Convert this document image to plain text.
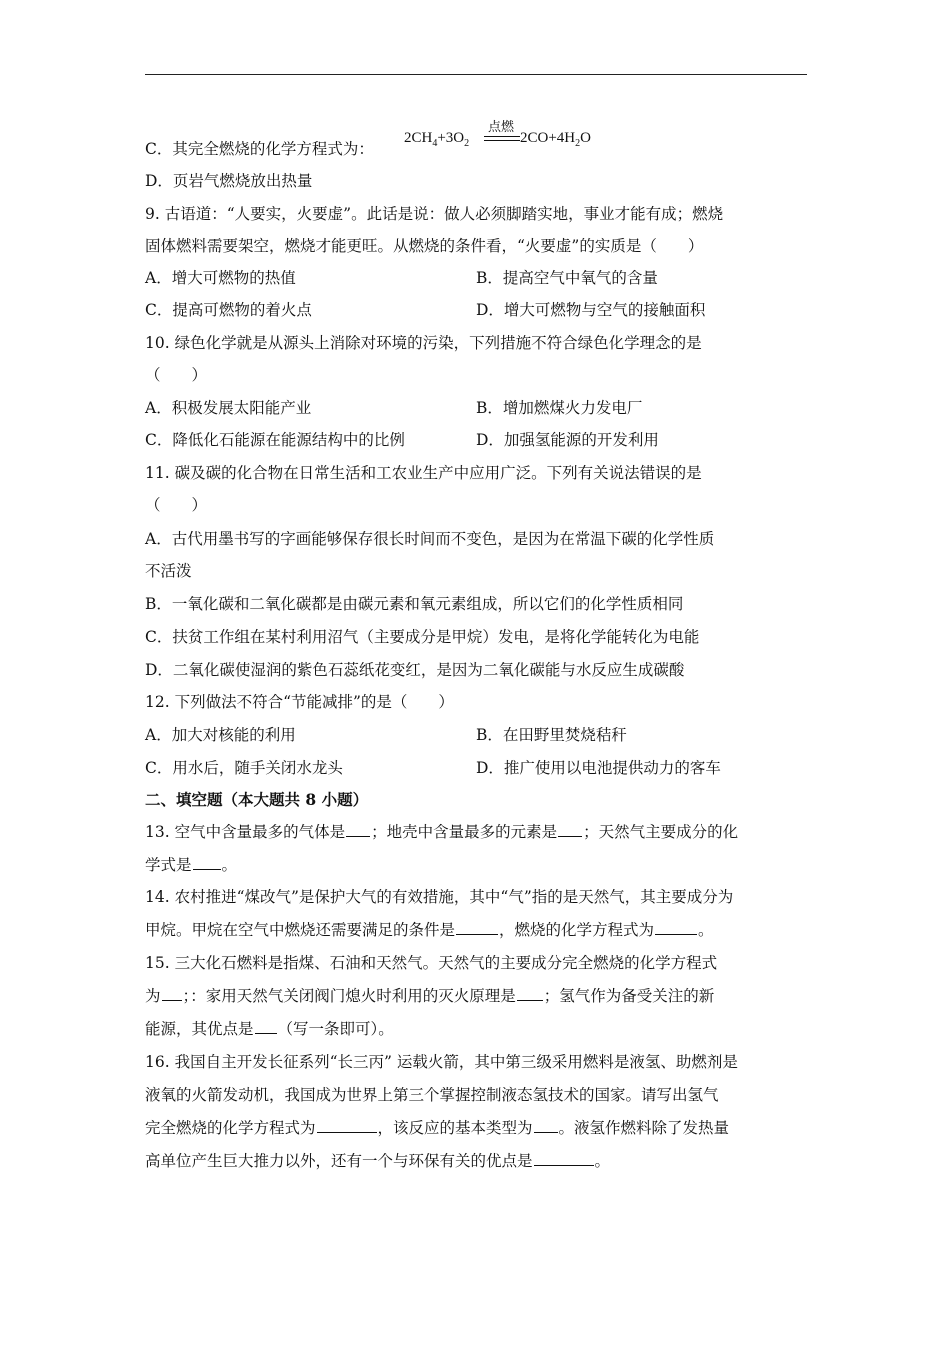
C．其完全燃烧的化学方程式为：
$2CH_4+3O_2$
点燃
$2CO+4H_2O$
D．页岩气燃烧放出热量
9. 古语道：“人要实，火要虚”。此话是说：做人必须脚踏实地，事业才能有成；燃烧
固体燃料需要架空，燃烧才能更旺。从燃烧的条件看，“火要虚”的实质是（　　）
A．增大可燃物的热值	B．提高空气中氧气的含量
C．提高可燃物的着火点	D．增大可燃物与空气的接触面积
10. 绿色化学就是从源头上消除对环境的污染，下列措施不符合绿色化学理念的是
（　　）
A．积极发展太阳能产业	B．增加燃煤火力发电厂
C．降低化石能源在能源结构中的比例	D．加强氢能源的开发利用
11. 碳及碳的化合物在日常生活和工农业生产中应用广泛。下列有关说法错误的是
（　　）
A．古代用墨书写的字画能够保存很长时间而不变色，是因为在常温下碳的化学性质
不活泼
B．一氧化碳和二氧化碳都是由碳元素和氧元素组成，所以它们的化学性质相同
C．扶贫工作组在某村利用沼气（主要成分是甲烷）发电，是将化学能转化为电能
D．二氧化碳使湿润的紫色石蕊纸花变红，是因为二氧化碳能与水反应生成碳酸
12. 下列做法不符合“节能减排”的是（　　）
A．加大对核能的利用	B．在田野里焚烧秸秆
C．用水后，随手关闭水龙头	D．推广使用以电池提供动力的客车
二、填空题（本大题共 8 小题）
13. 空气中含量最多的气体是 ；地壳中含量最多的元素是 ；天然气主要成分的化
学式是 。
14. 农村推进“煤改气”是保护大气的有效措施，其中“气”指的是天然气，其主要成分为
甲烷。甲烷在空气中燃烧还需要满足的条件是	，燃烧的化学方程式为	。
15. 三大化石燃料是指煤、石油和天然气。天然气的主要成分完全燃烧的化学方程式
为 ；：家用天然气关闭阀门熄火时利用的灭火原理是 ；氢气作为备受关注的新
能源，其优点是 （写一条即可）。
16. 我国自主开发长征系列“长三丙” 运载火箭，其中第三级采用燃料是液氢、助燃剂是
液氧的火箭发动机，我国成为世界上第三个掌握控制液态氢技术的国家。请写出氢气
完全燃烧的化学方程式为	，该反应的基本类型为 。液氢作燃料除了发热量
高单位产生巨大推力以外，还有一个与环保有关的优点是	。
